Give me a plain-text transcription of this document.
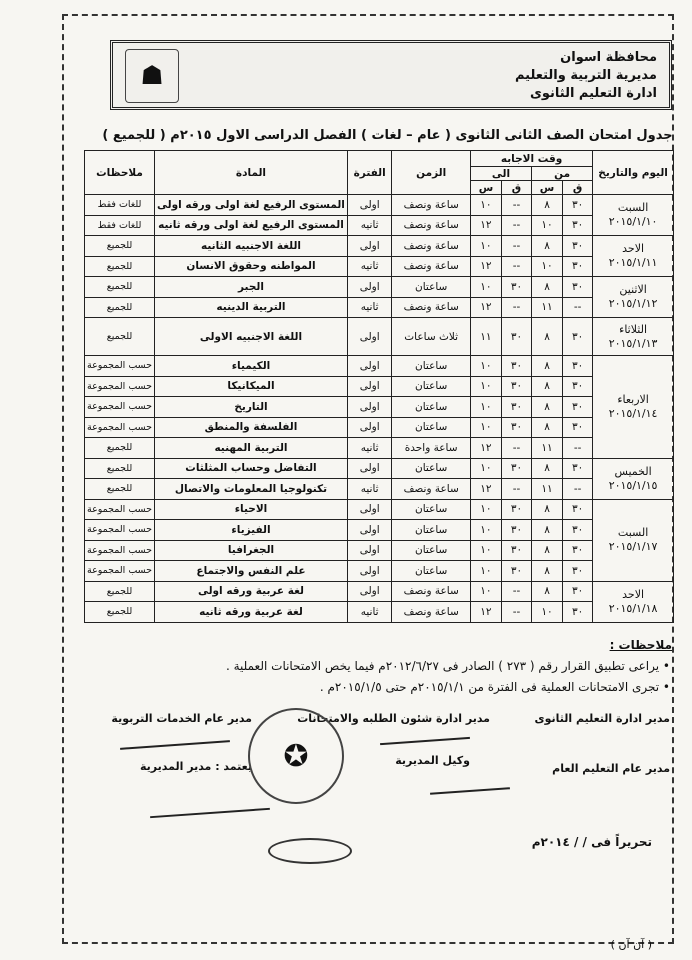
☗
محافظة اسوان
مديرية التربية والتعليم
ادارة التعليم الثانوى
جدول امتحان الصف الثانى الثانوى ( عام – لغات ) الفصل الدراسى الاول ٢٠١٥م ( للجميع )
اليوم والتاريخ	وقت الاجابه				الزمن	الفترة	المادة	ملاحظات
	من		الى					
	ق	س	ق	س				

السبت
٢٠١٥/١/١٠	٣٠	٨	--	١٠	ساعة ونصف	اولى	المستوى الرفيع لغة اولى ورقه اولى	للغات فقط
	٣٠	١٠	--	١٢	ساعة ونصف	ثانيه	المستوى الرفيع لغة اولى ورقه ثانيه	للغات فقط

الاحد
٢٠١٥/١/١١	٣٠	٨	--	١٠	ساعة ونصف	اولى	اللغة الاجنبيه الثانيه	للجميع
	٣٠	١٠	--	١٢	ساعة ونصف	ثانيه	المواطنه وحقوق الانسان	للجميع

الاثنين
٢٠١٥/١/١٢	٣٠	٨	٣٠	١٠	ساعتان	اولى	الجبر	للجميع
	--	١١	--	١٢	ساعة ونصف	ثانيه	التربية الدينيه	للجميع

الثلاثاء
٢٠١٥/١/١٣	٣٠	٨	٣٠	١١	ثلاث ساعات	اولى	اللغة الاجنبيه الاولى	للجميع

الاربعاء
٢٠١٥/١/١٤	٣٠	٨	٣٠	١٠	ساعتان	اولى	الكيمياء	حسب المجموعة
	٣٠	٨	٣٠	١٠	ساعتان	اولى	الميكانيكا	حسب المجموعة
	٣٠	٨	٣٠	١٠	ساعتان	اولى	التاريخ	حسب المجموعة
	٣٠	٨	٣٠	١٠	ساعتان	اولى	الفلسفة والمنطق	حسب المجموعة
	--	١١	--	١٢	ساعة واحدة	ثانيه	التربية المهنيه	للجميع

الخميس
٢٠١٥/١/١٥	٣٠	٨	٣٠	١٠	ساعتان	اولى	التفاضل وحساب المثلثات	للجميع
	--	١١	--	١٢	ساعة ونصف	ثانيه	تكنولوجيا المعلومات والاتصال	للجميع

السبت
٢٠١٥/١/١٧	٣٠	٨	٣٠	١٠	ساعتان	اولى	الاحياء	حسب المجموعة
	٣٠	٨	٣٠	١٠	ساعتان	اولى	الفيزياء	حسب المجموعة
	٣٠	٨	٣٠	١٠	ساعتان	اولى	الجغرافيا	حسب المجموعة
	٣٠	٨	٣٠	١٠	ساعتان	اولى	علم النفس والاجتماع	حسب المجموعة

الاحد
٢٠١٥/١/١٨	٣٠	٨	--	١٠	ساعة ونصف	اولى	لغة عربية ورقه اولى	للجميع
	٣٠	١٠	--	١٢	ساعة ونصف	ثانيه	لغة عربية ورقه ثانيه	للجميع
ملاحظات :
• يراعى تطبيق القرار رقم ( ٢٧٣ ) الصادر فى ٢٠١٢/٦/٢٧م فيما يخص الامتحانات العملية .
• تجرى الامتحانات العملية فى الفترة من ٢٠١٥/١/١م حتى ٢٠١٥/١/٥م .
مدير ادارة التعليم الثانوى
مدير ادارة شئون الطلبه والامتحانات
مدير عام الخدمات التربوية
مدير عام التعليم العام
وكيل المديرية
يعتمد : مدير المديرية	✪
تحريراً فى / / ٢٠١٤م
( آن آن )
